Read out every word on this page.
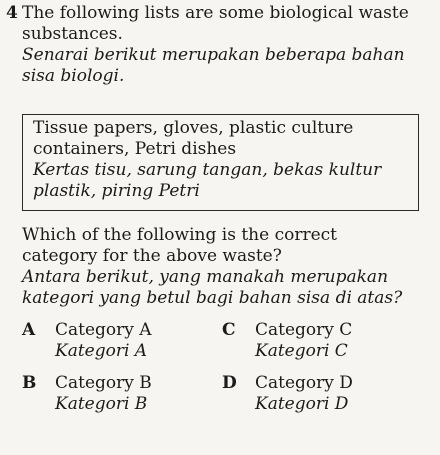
4 The following lists are some biological waste
substances.
Senarai berikut merupakan beberapa bahan
sisa biologi.
Tissue papers, gloves, plastic culture
containers, Petri dishes
Kertas tisu, sarung tangan, bekas kultur
plastik, piring Petri
Which of the following is the correct
category for the above waste?
Antara berikut, yang manakah merupakan
kategori yang betul bagi bahan sisa di atas?
A Category A
Kategori A
C Category C
Kategori C
B Category B
Kategori B
D Category D
Kategori D
